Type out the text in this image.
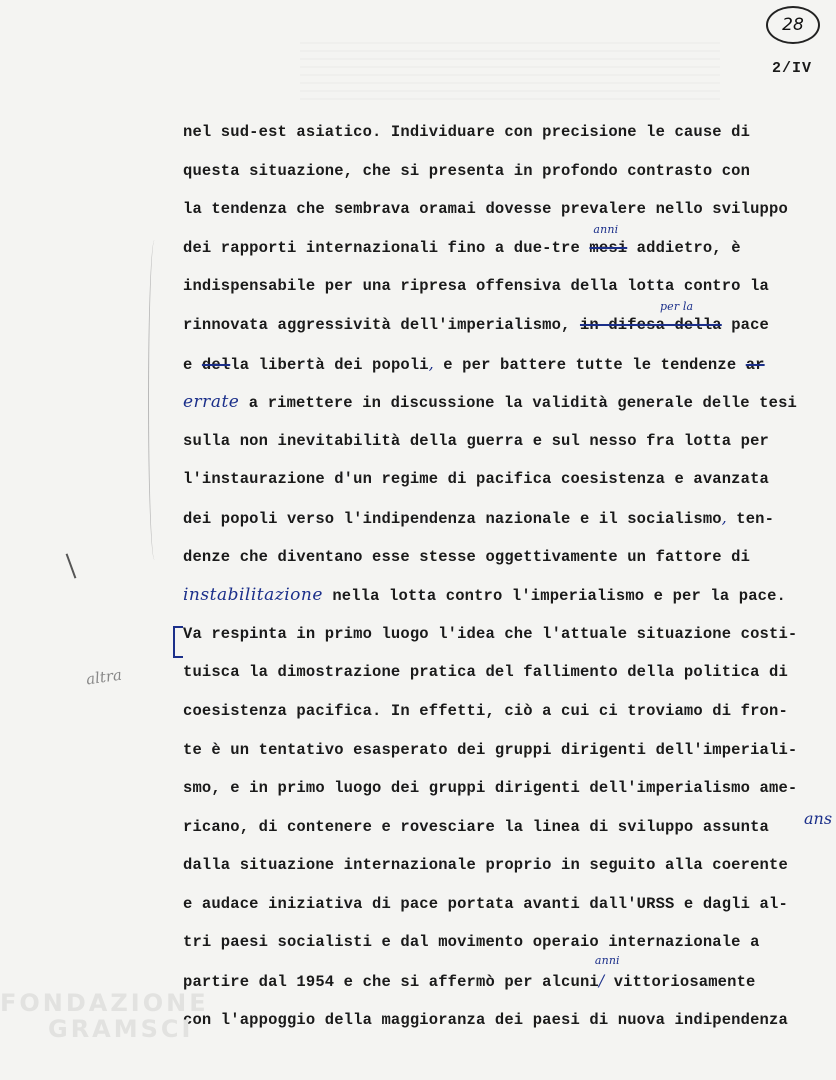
28
2/IV
altra
ans
nel sud-est asiatico. Individuare con precisione le cause di
questa situazione, che si presenta in profondo contrasto con
la tendenza che sembrava oramai dovesse prevalere nello sviluppo
dei rapporti internazionali fino a due-tre
anni
mesi addietro, è
indispensabile per una ripresa offensiva della lotta contro la
rinnovata aggressività dell'imperialismo,
per la
in difesa della pace
e della libertà dei popoli, e per battere tutte le tendenze ar
errate a rimettere in discussione la validità generale delle tesi
sulla non inevitabilità della guerra e sul nesso fra lotta per
l'instaurazione d'un regime di pacifica coesistenza e avanzata
dei popoli verso l'indipendenza nazionale e il socialismo, ten-
denze che diventano esse stesse oggettivamente un fattore di
instabilitazione nella lotta contro l'imperialismo e per la pace.
Va respinta in primo luogo l'idea che l'attuale situazione costi-
tuisca la dimostrazione pratica del fallimento della politica di
coesistenza pacifica. In effetti, ciò a cui ci troviamo di fron-
te è un tentativo esasperato dei gruppi dirigenti dell'imperiali-
smo, e in primo luogo dei gruppi dirigenti dell'imperialismo ame-
ricano, di contenere e rovesciare la linea di sviluppo assunta
dalla situazione internazionale proprio in seguito alla coerente
e audace iniziativa di pace portata avanti dall'URSS e dagli al-
tri paesi socialisti e dal movimento operaio internazionale a
partire dal 1954 e che si affermò per alcuni
anni
/ vittoriosamente
con l'appoggio della maggioranza dei paesi di nuova indipendenza
FONDAZIONE
GRAMSCI
